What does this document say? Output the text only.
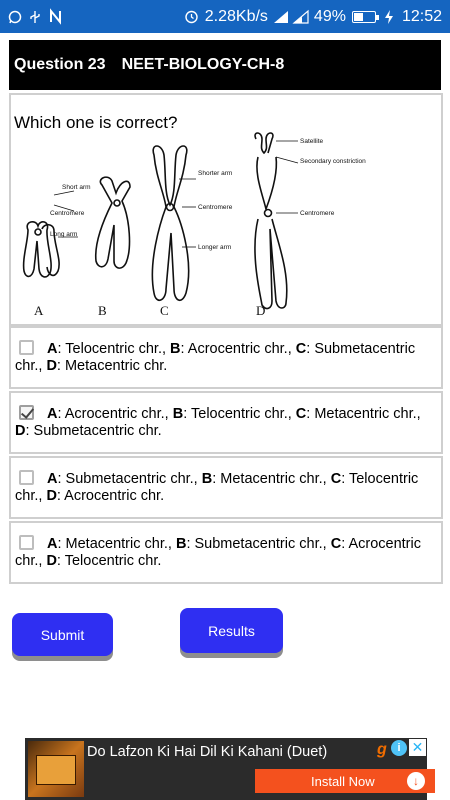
2.28Kb/s	49%	12:52
Question 23 NEET-BIOLOGY-CH-8
Which one is correct?
Short arm
Centromere
Long arm
Shorter arm
Centromere
Longer arm
Satellite
Secondary constriction
Centromere
A	B	C	D
A: Telocentric chr., B: Acrocentric chr., C: Submetacentric chr., D: Metacentric chr.
A: Acrocentric chr., B: Telocentric chr., C: Metacentric chr., D: Submetacentric chr.
A: Submetacentric chr., B: Metacentric chr., C: Telocentric chr., D: Acrocentric chr.
A: Metacentric chr., B: Submetacentric chr., C: Acrocentric chr., D: Telocentric chr.
Submit	Results
Do Lafzon Ki Hai Dil Ki Kahani (Duet)	g i ✕
Install Now	↓
